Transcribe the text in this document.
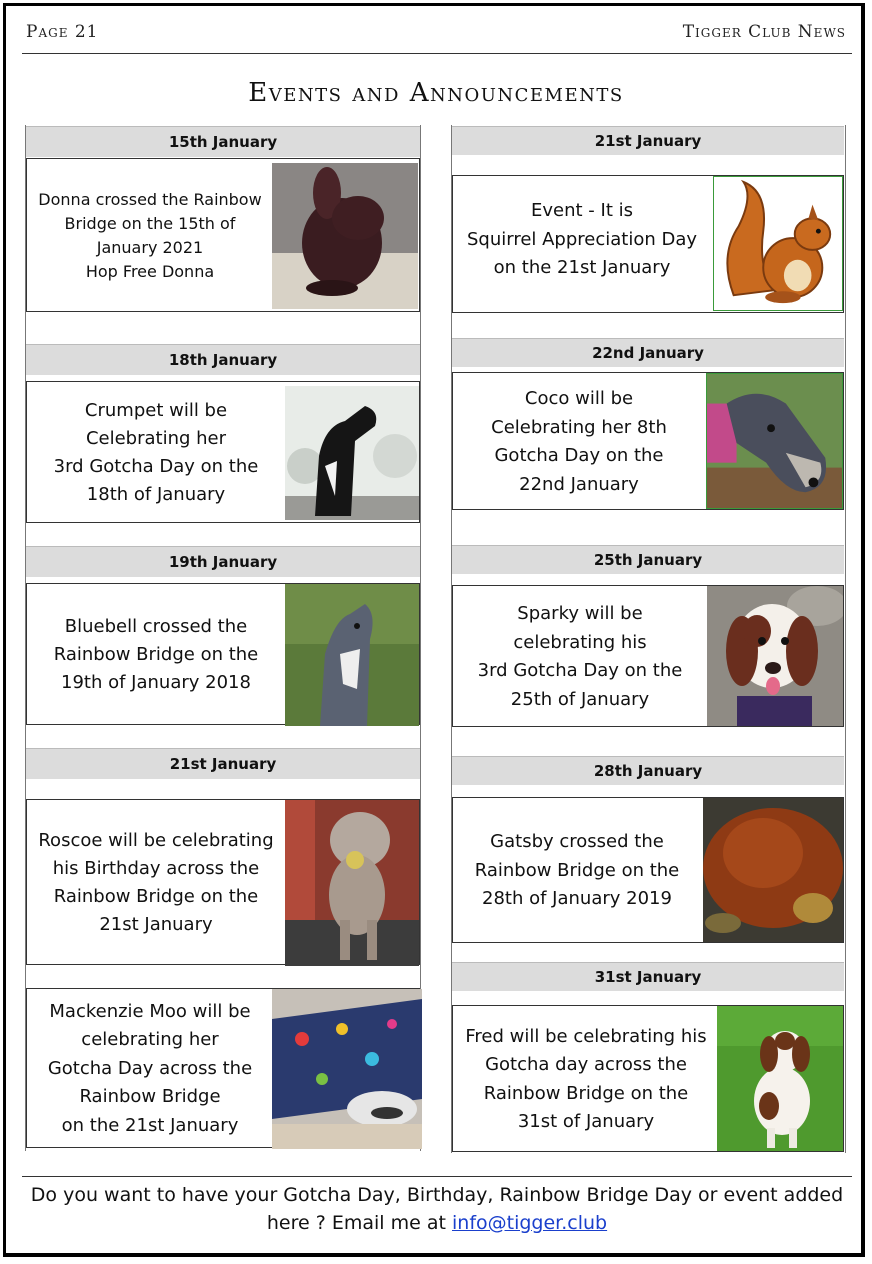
Page 21	Tigger Club News
Events and Announcements
15th January
Donna crossed the Rainbow
Bridge on the 15th of
January 2021
Hop Free Donna
18th January
Crumpet will be
Celebrating her
3rd Gotcha Day on the
18th of January
19th January
Bluebell crossed the
Rainbow Bridge on the
19th of January 2018
21st January
Roscoe will be celebrating
his Birthday across the
Rainbow Bridge on the
21st January
Mackenzie Moo will be
celebrating her
Gotcha Day across the
Rainbow Bridge
on the 21st January
21st January
Event - It is
Squirrel Appreciation Day
on the 21st January
22nd January
Coco will be
Celebrating her 8th
Gotcha Day on the
22nd January
25th January
Sparky will be
celebrating his
3rd Gotcha Day on the
25th of January
28th January
Gatsby crossed the
Rainbow Bridge on the
28th of January 2019
31st January
Fred will be celebrating his
Gotcha day across the
Rainbow Bridge on the
31st of January
Do you want to have your Gotcha Day, Birthday, Rainbow Bridge Day or event added here ? Email me at info@tigger.club
